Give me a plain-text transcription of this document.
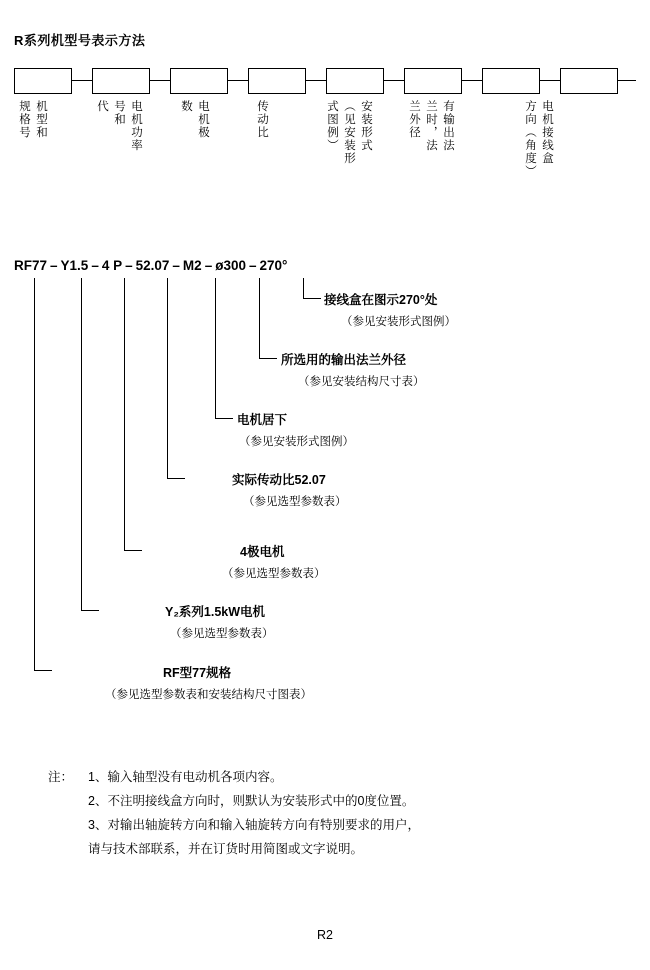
R系列机型号表示方法
机型和
规格号	电机功率
号和
代	电机极
数	传动比	安装形式
（见安装形
式图例）	有输出法
兰时，法
兰外径	电机接线盒
方向（角度）
RF77 – Y1.5 – 4 P – 52.07 – M2 – ø300 – 270°
接线盒在图示270°处
（参见安装形式图例）
所选用的输出法兰外径
（参见安装结构尺寸表）
电机居下
（参见安装形式图例）
实际传动比52.07
（参见选型参数表）
4极电机
（参见选型参数表）
Y₂系列1.5kW电机
（参见选型参数表）
RF型77规格
（参见选型参数表和安装结构尺寸图表）
注：	1、输入轴型没有电动机各项内容。
2、不注明接线盒方向时，则默认为安装形式中的0度位置。
3、对输出轴旋转方向和输入轴旋转方向有特别要求的用户，
请与技术部联系，并在订货时用简图或文字说明。
R2
